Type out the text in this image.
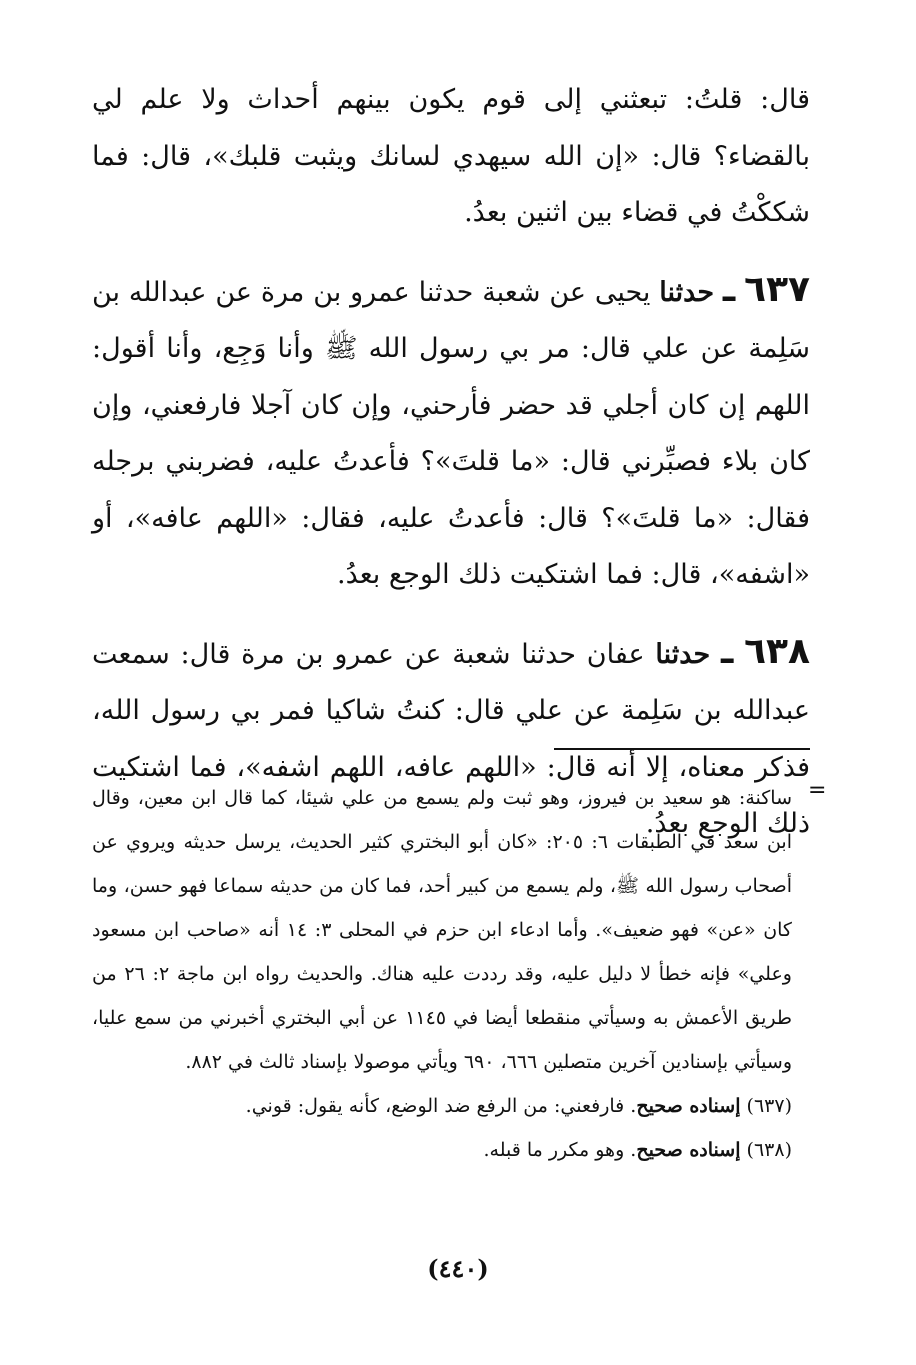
قال: قلتُ: تبعثني إلى قوم يكون بينهم أحداث ولا علم لي بالقضاء؟ قال: «إن الله سيهدي لسانك ويثبت قلبك»، قال: فما شككْتُ في قضاء بين اثنين بعدُ.

٦٣٧ ـ حدثنا يحيى عن شعبة حدثنا عمرو بن مرة عن عبدالله بن سَلِمة عن علي قال: مر بي رسول الله ﷺ وأنا وَجِع، وأنا أقول: اللهم إن كان أجلي قد حضر فأرحني، وإن كان آجلا فارفعني، وإن كان بلاء فصبِّرني قال: «ما قلتَ»؟ فأعدتُ عليه، فضربني برجله فقال: «ما قلتَ»؟ قال: فأعدتُ عليه، فقال: «اللهم عافه»، أو «اشفه»، قال: فما اشتكيت ذلك الوجع بعدُ.

٦٣٨ ـ حدثنا عفان حدثنا شعبة عن عمرو بن مرة قال: سمعت عبدالله بن سَلِمة عن علي قال: كنتُ شاكيا فمر بي رسول الله، فذكر معناه، إلا أنه قال: «اللهم عافه، اللهم اشفه»، فما اشتكيت ذلك الوجع بعدُ.

=

ساكنة: هو سعيد بن فيروز، وهو ثبت ولم يسمع من علي شيئا، كما قال ابن معين، وقال ابن سعد في الطبقات ٦: ٢٠٥: «كان أبو البختري كثير الحديث، يرسل حديثه ويروي عن أصحاب رسول الله ﷺ، ولم يسمع من كبير أحد، فما كان من حديثه سماعا فهو حسن، وما كان «عن» فهو ضعيف». وأما ادعاء ابن حزم في المحلى ٣: ١٤ أنه «صاحب ابن مسعود وعلي» فإنه خطأ لا دليل عليه، وقد رددت عليه هناك. والحديث رواه ابن ماجة ٢: ٢٦ من طريق الأعمش به وسيأتي منقطعا أيضا في ١١٤٥ عن أبي البختري أخبرني من سمع عليا، وسيأتي بإسنادين آخرين متصلين ٦٦٦، ٦٩٠ ويأتي موصولا بإسناد ثالث في ٨٨٢.

(٦٣٧) إسناده صحيح. فارفعني: من الرفع ضد الوضع، كأنه يقول: قوني.

(٦٣٨) إسناده صحيح. وهو مكرر ما قبله.

(٤٤٠)
